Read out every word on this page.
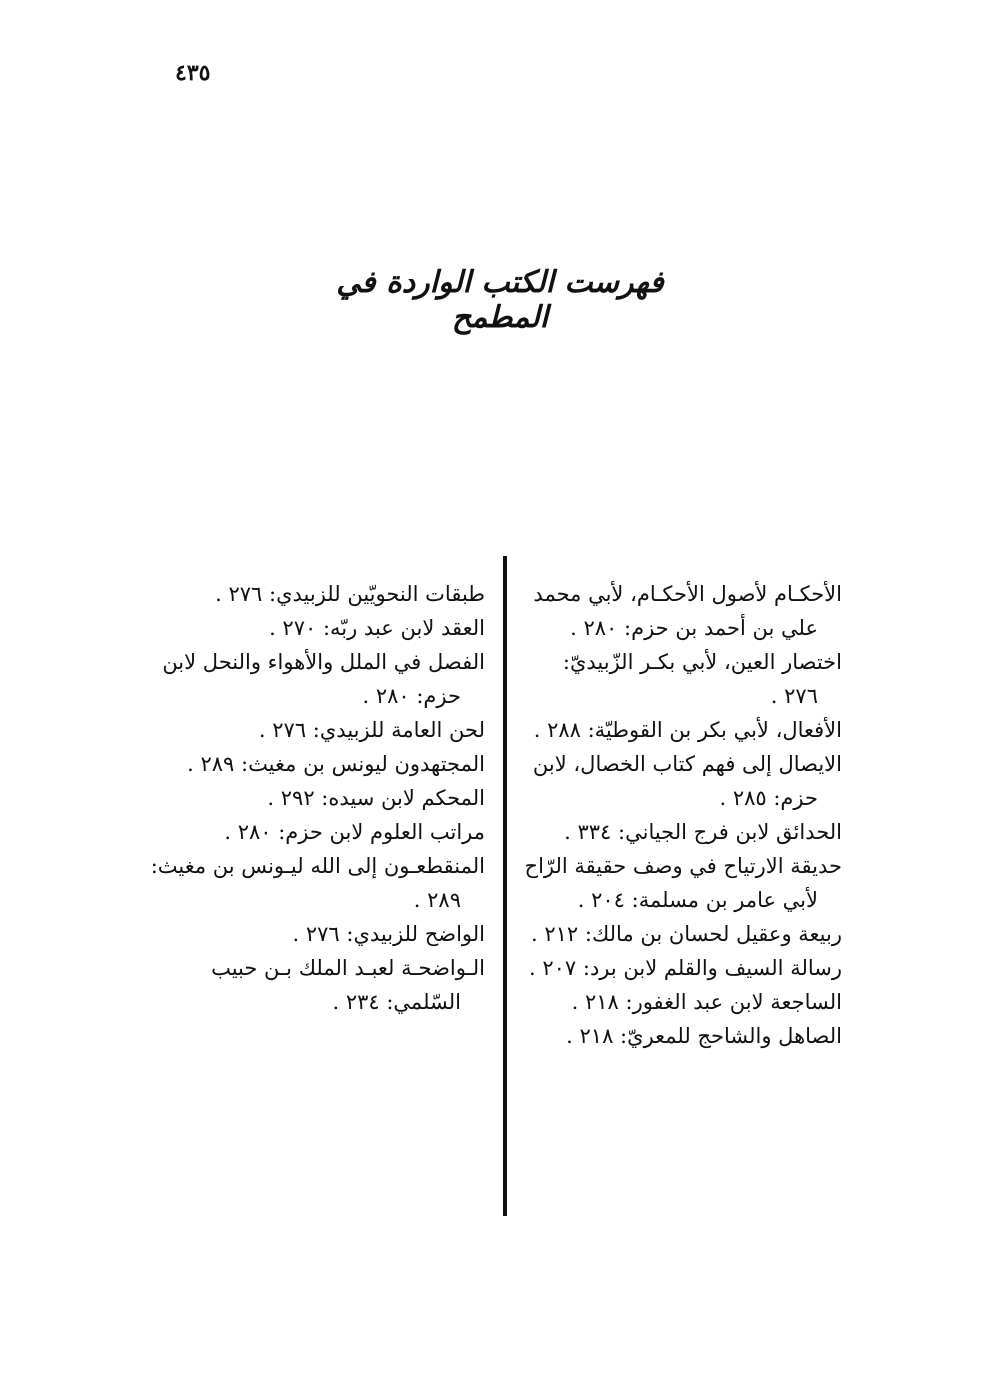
٤٣٥
فهرست الكتب الواردة في المطمح

الأحكـام لأصول الأحكـام، لأبي محمد
علي بن أحمد بن حزم: ٢٨٠ .

اختصار العين، لأبي بكـر الزّبيديّ:
٢٧٦ .

الأفعال، لأبي بكر بن القوطيّة: ٢٨٨ .

الايصال إلى فهم كتاب الخصال، لابن
حزم: ٢٨٥ .

الحدائق لابن فرج الجياني: ٣٣٤ .

حديقة الارتياح في وصف حقيقة الرّاح
لأبي عامر بن مسلمة: ٢٠٤ .

ربيعة وعقيل لحسان بن مالك: ٢١٢ .

رسالة السيف والقلم لابن برد: ٢٠٧ .

الساجعة لابن عبد الغفور: ٢١٨ .

الصاهل والشاحج للمعريّ: ٢١٨ .

طبقات النحويّين للزبيدي: ٢٧٦ .

العقد لابن عبد ربّه: ٢٧٠ .

الفصل في الملل والأهواء والنحل لابن
حزم: ٢٨٠ .

لحن العامة للزبيدي: ٢٧٦ .

المجتهدون ليونس بن مغيث: ٢٨٩ .

المحكم لابن سيده: ٢٩٢ .

مراتب العلوم لابن حزم: ٢٨٠ .

المنقطعـون إلى الله ليـونس بن مغيث:
٢٨٩ .

الواضح للزبيدي: ٢٧٦ .

الـواضحـة لعبـد الملك بـن حبيب
السّلمي: ٢٣٤ .
